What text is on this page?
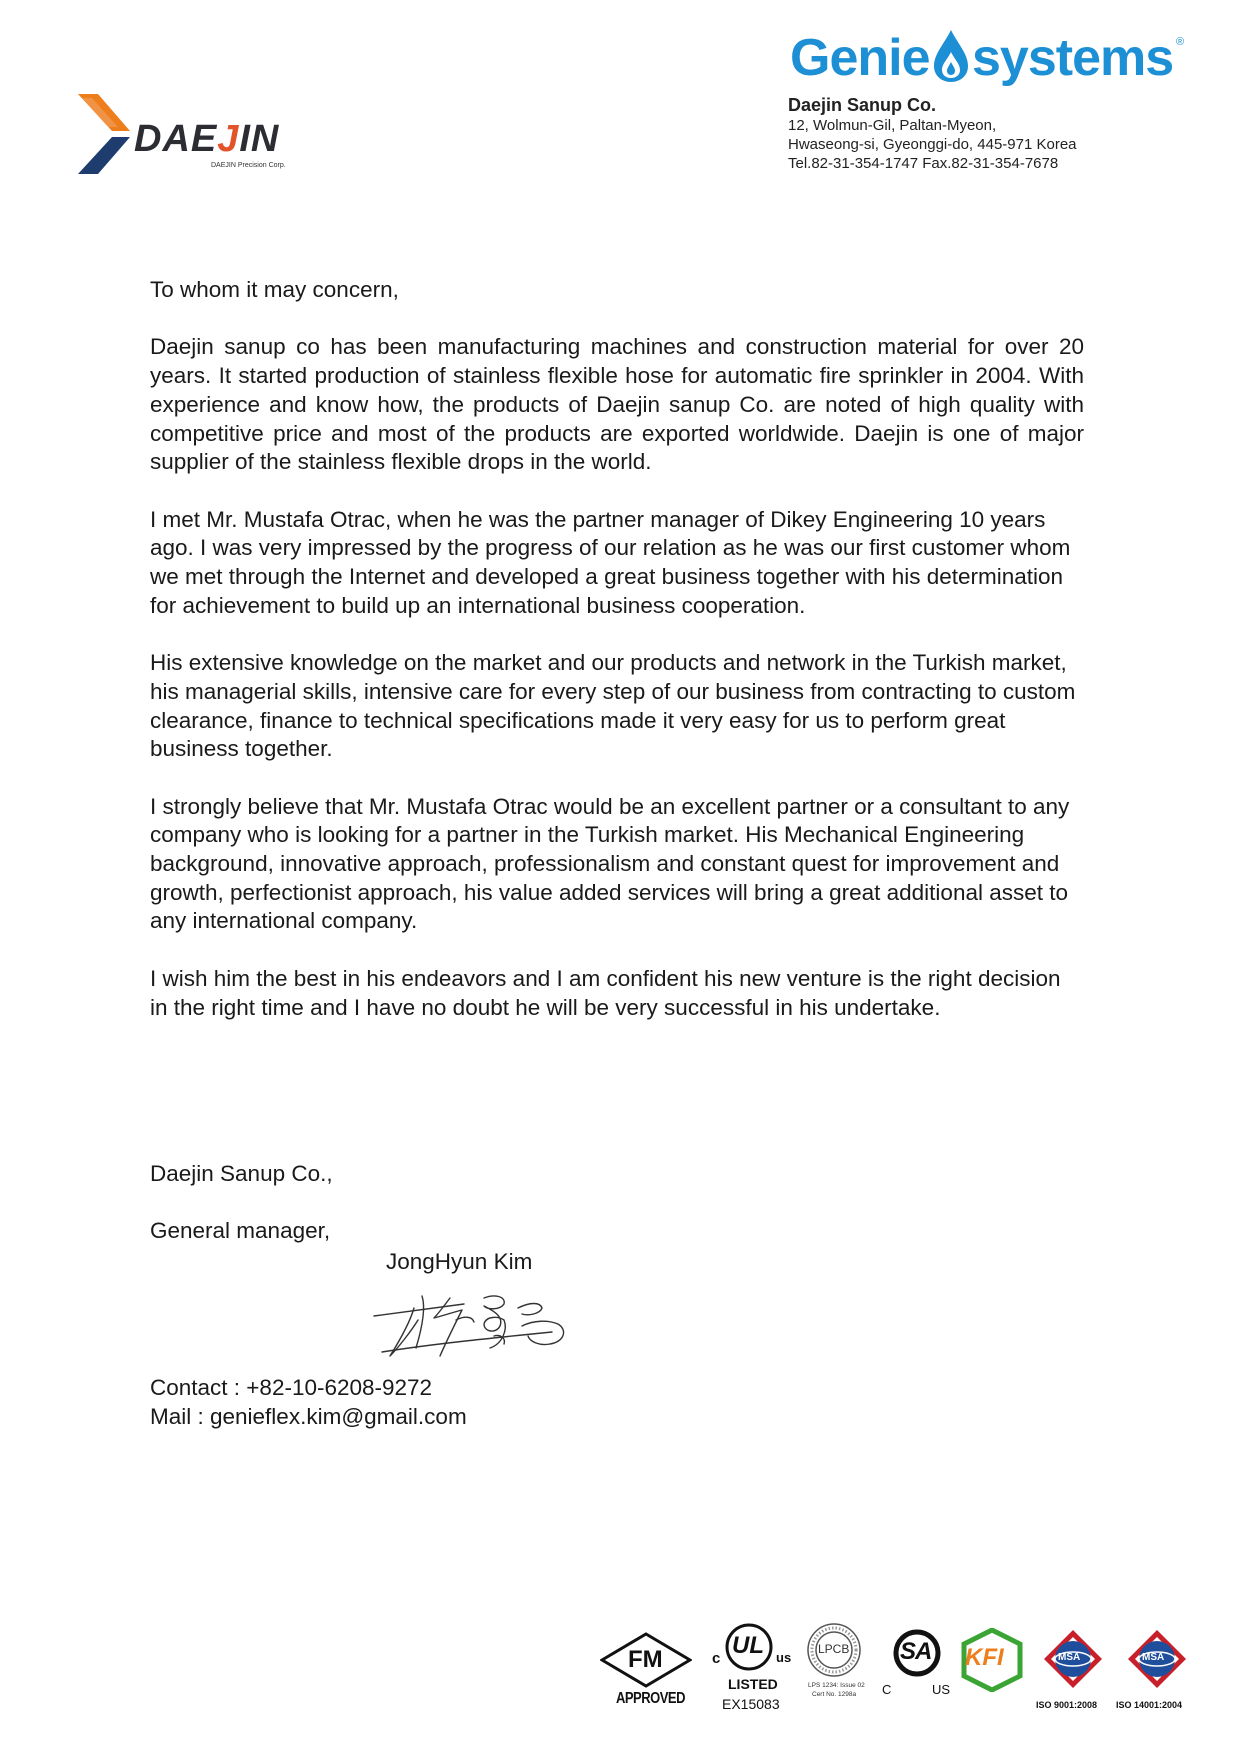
DAEJIN
DAEJIN Precision Corp.
Genie systems ®
Daejin Sanup Co.
12, Wolmun-Gil, Paltan-Myeon,
Hwaseong-si, Gyeonggi-do, 445-971 Korea
Tel.82-31-354-1747 Fax.82-31-354-7678
To whom it may concern,

Daejin sanup co has been manufacturing machines and construction material for over 20 years. It started production of stainless flexible hose for automatic fire sprinkler in 2004. With experience and know how, the products of Daejin sanup Co. are noted of high quality with competitive price and most of the products are exported worldwide. Daejin is one of major supplier of the stainless flexible drops in the world.

I met Mr. Mustafa Otrac, when he was the partner manager of Dikey Engineering 10 years ago. I was very impressed by the progress of our relation as he was our first customer whom we met through the Internet and developed a great business together with his determination for achievement to build up an international business cooperation.

His extensive knowledge on the market and our products and network in the Turkish market, his managerial skills, intensive care for every step of our business from contracting to custom clearance, finance to technical specifications made it very easy for us to perform great business together.

I strongly believe that Mr. Mustafa Otrac would be an excellent partner or a consultant to any company who is looking for a partner in the Turkish market. His Mechanical Engineering background, innovative approach, professionalism and constant quest for improvement and growth, perfectionist approach, his value added services will bring a great additional asset to any international company.

I wish him the best in his endeavors and I am confident his new venture is the right decision in the right time and I have no doubt he will be very successful in his undertake.

Daejin Sanup Co.,
General manager,
JongHyun Kim
Contact : +82-10-6208-9272
Mail : genieflex.kim@gmail.com
FM
APPROVED
c UL us
LISTED
EX15083
LPCB
LPS 1234: Issue 02
Cert No. 1298a
SA
C	US
KFI	MSA
ISO 9001:2008
MSA
ISO 14001:2004
